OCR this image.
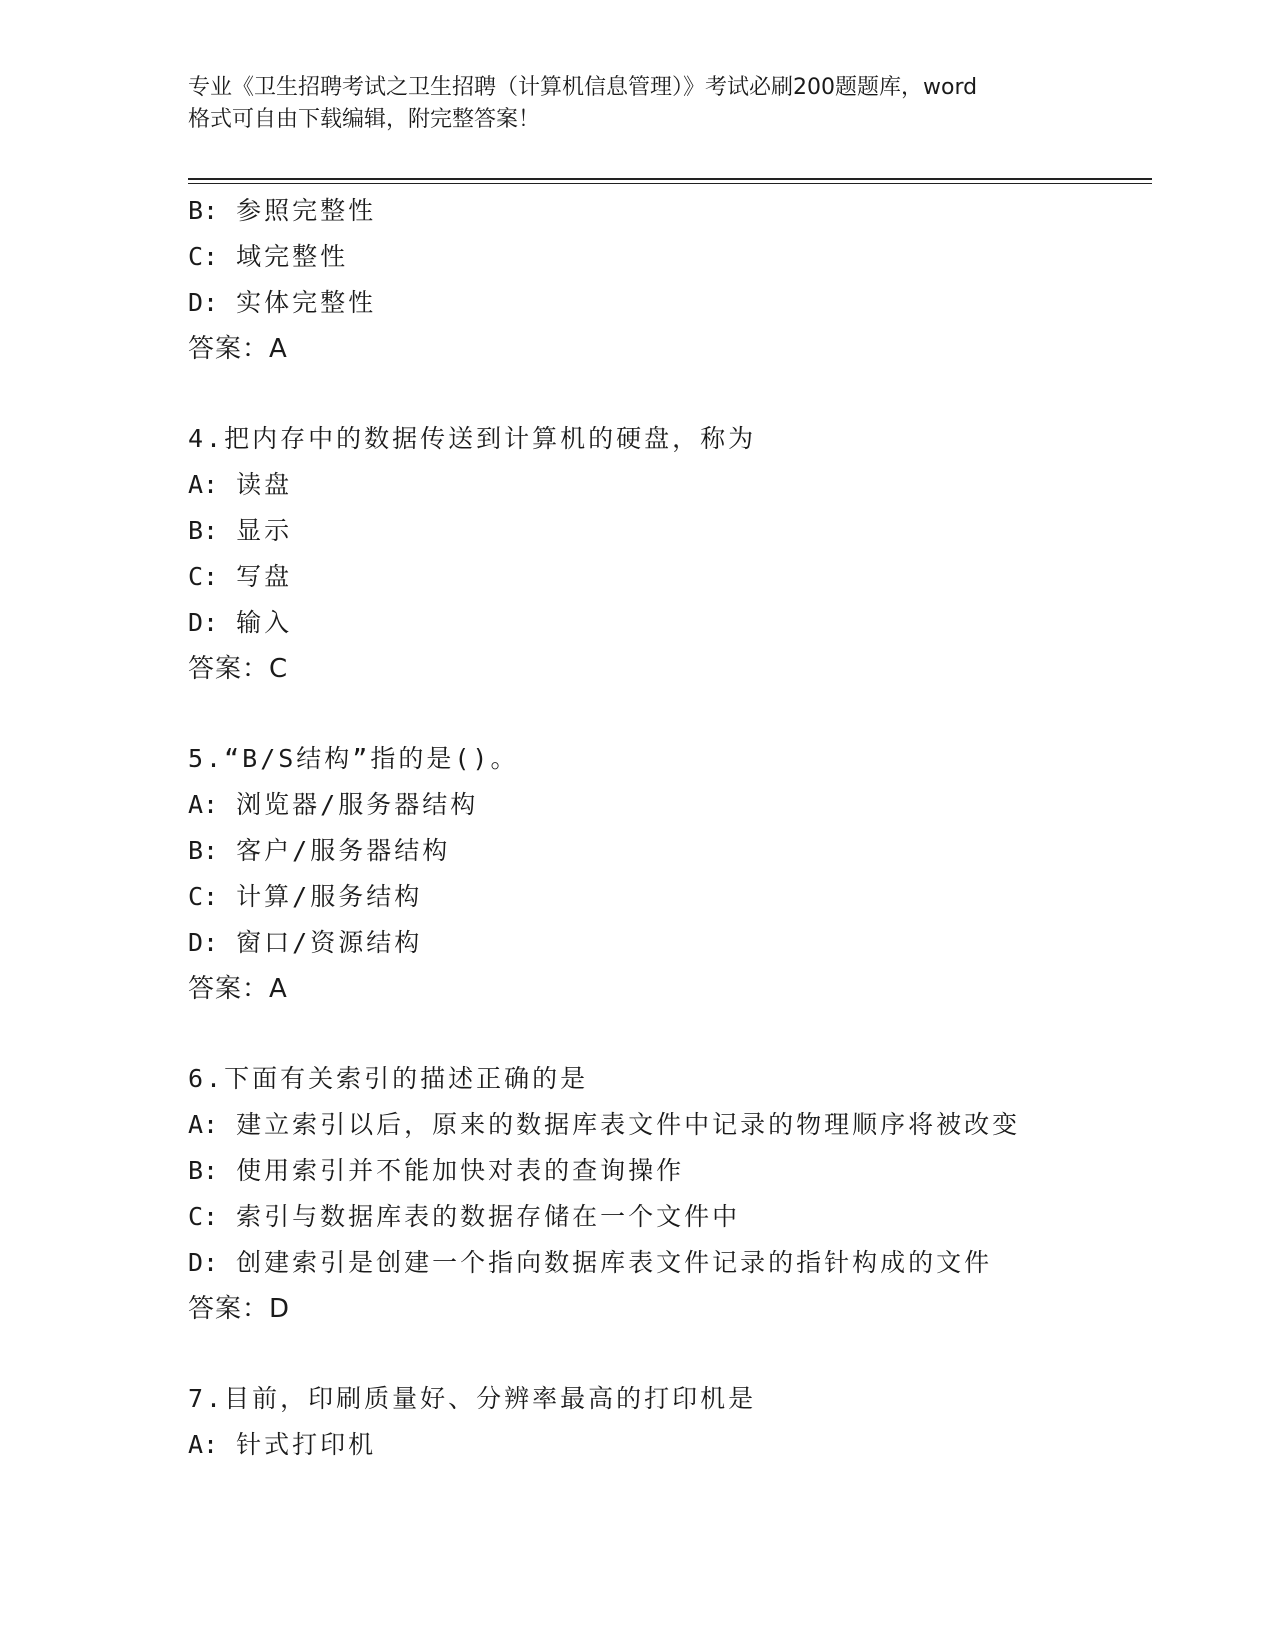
专业《卫生招聘考试之卫生招聘（计算机信息管理）》考试必刷200题题库，word
格式可自由下载编辑，附完整答案！
B: 参照完整性
C: 域完整性
D: 实体完整性
答案：A
4.把内存中的数据传送到计算机的硬盘，称为
A: 读盘
B: 显示
C: 写盘
D: 输入
答案：C
5.“B/S结构”指的是()。
A: 浏览器/服务器结构
B: 客户/服务器结构
C: 计算/服务结构
D: 窗口/资源结构
答案：A
6.下面有关索引的描述正确的是
A: 建立索引以后，原来的数据库表文件中记录的物理顺序将被改变
B: 使用索引并不能加快对表的查询操作
C: 索引与数据库表的数据存储在一个文件中
D: 创建索引是创建一个指向数据库表文件记录的指针构成的文件
答案：D
7.目前，印刷质量好、分辨率最高的打印机是
A: 针式打印机
